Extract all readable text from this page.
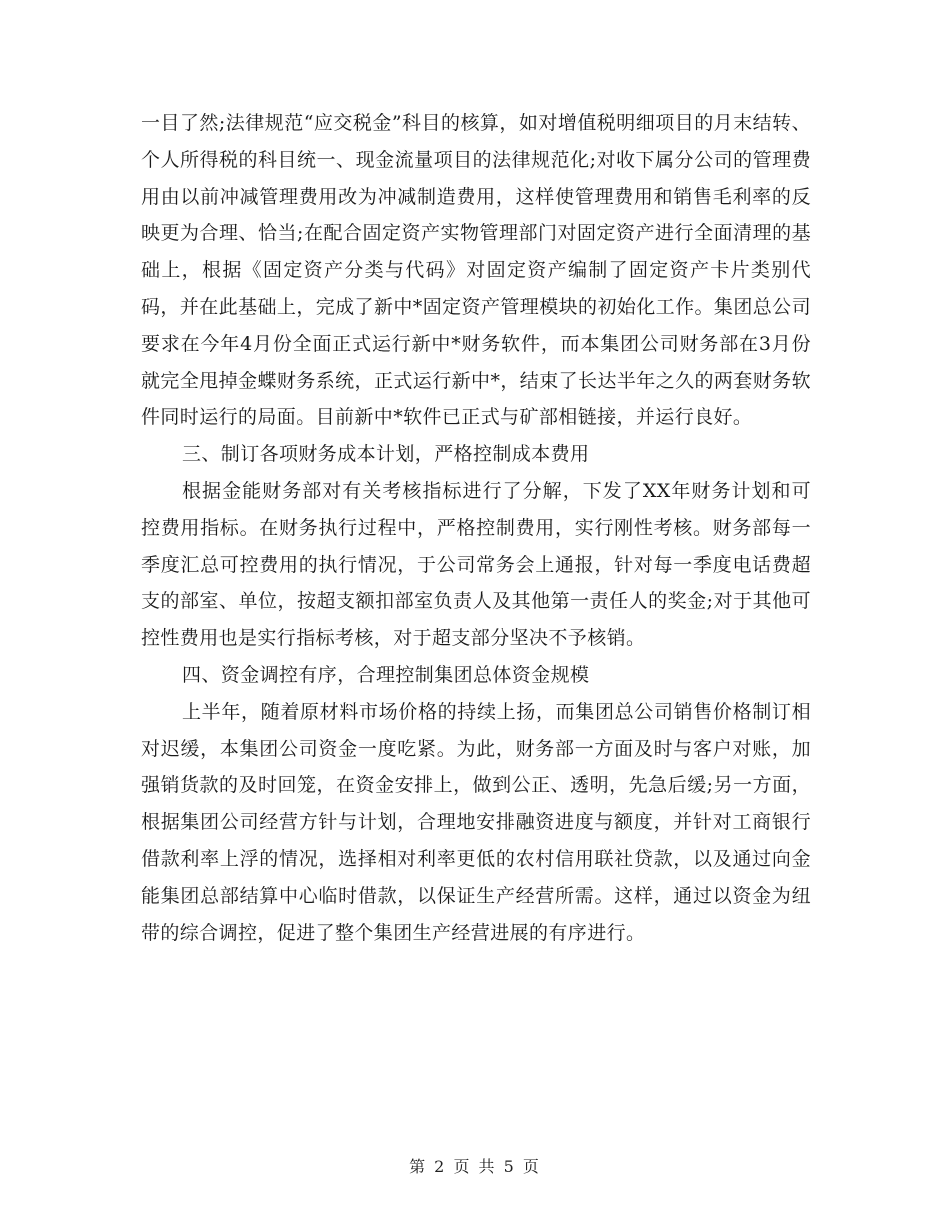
一目了然;法律规范“应交税金”科目的核算，如对增值税明细项目的月末结转、个人所得税的科目统一、现金流量项目的法律规范化;对收下属分公司的管理费用由以前冲减管理费用改为冲减制造费用，这样使管理费用和销售毛利率的反映更为合理、恰当;在配合固定资产实物管理部门对固定资产进行全面清理的基础上，根据《固定资产分类与代码》对固定资产编制了固定资产卡片类别代码，并在此基础上，完成了新中*固定资产管理模块的初始化工作。集团总公司要求在今年4月份全面正式运行新中*财务软件，而本集团公司财务部在3月份就完全甩掉金蝶财务系统，正式运行新中*，结束了长达半年之久的两套财务软件同时运行的局面。目前新中*软件已正式与矿部相链接，并运行良好。

三、制订各项财务成本计划，严格控制成本费用

根据金能财务部对有关考核指标进行了分解，下发了XX年财务计划和可控费用指标。在财务执行过程中，严格控制费用，实行刚性考核。财务部每一季度汇总可控费用的执行情况，于公司常务会上通报，针对每一季度电话费超支的部室、单位，按超支额扣部室负责人及其他第一责任人的奖金;对于其他可控性费用也是实行指标考核，对于超支部分坚决不予核销。

四、资金调控有序，合理控制集团总体资金规模

上半年，随着原材料市场价格的持续上扬，而集团总公司销售价格制订相对迟缓，本集团公司资金一度吃紧。为此，财务部一方面及时与客户对账，加强销货款的及时回笼，在资金安排上，做到公正、透明，先急后缓;另一方面，根据集团公司经营方针与计划，合理地安排融资进度与额度，并针对工商银行借款利率上浮的情况，选择相对利率更低的农村信用联社贷款，以及通过向金能集团总部结算中心临时借款，以保证生产经营所需。这样，通过以资金为纽带的综合调控，促进了整个集团生产经营进展的有序进行。

第 2 页 共 5 页
